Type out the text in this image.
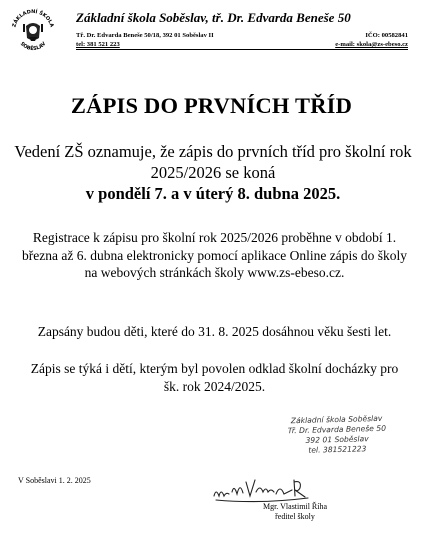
ZÁKLADNÍ ŠKOLA
SOBĚSLAV
Základní škola Soběslav, tř. Dr. Edvarda Beneše 50
Tř. Dr. Edvarda Beneše 50/18, 392 01 Soběslav II	IČO: 00582841
tel: 381 521 223	e-mail: skola@zs-ebeso.cz
ZÁPIS DO PRVNÍCH TŘÍD
Vedení ZŠ oznamuje, že zápis do prvních tříd pro školní rok 2025/2026 se koná
v pondělí 7. a v úterý 8. dubna 2025.
Registrace k zápisu pro školní rok 2025/2026 proběhne v období 1. března až 6. dubna elektronicky pomocí aplikace Online zápis do školy na webových stránkách školy www.zs-ebeso.cz.
Zapsány budou děti, které do 31. 8. 2025 dosáhnou věku šesti let.
Zápis se týká i dětí, kterým byl povolen odklad školní docházky pro šk. rok 2024/2025.
V Soběslavi 1. 2. 2025
Základní škola Soběslav
Tř. Dr. Edvarda Beneše 50
392 01 Soběslav
tel. 381521223
Mgr. Vlastimil Říha
ředitel školy
